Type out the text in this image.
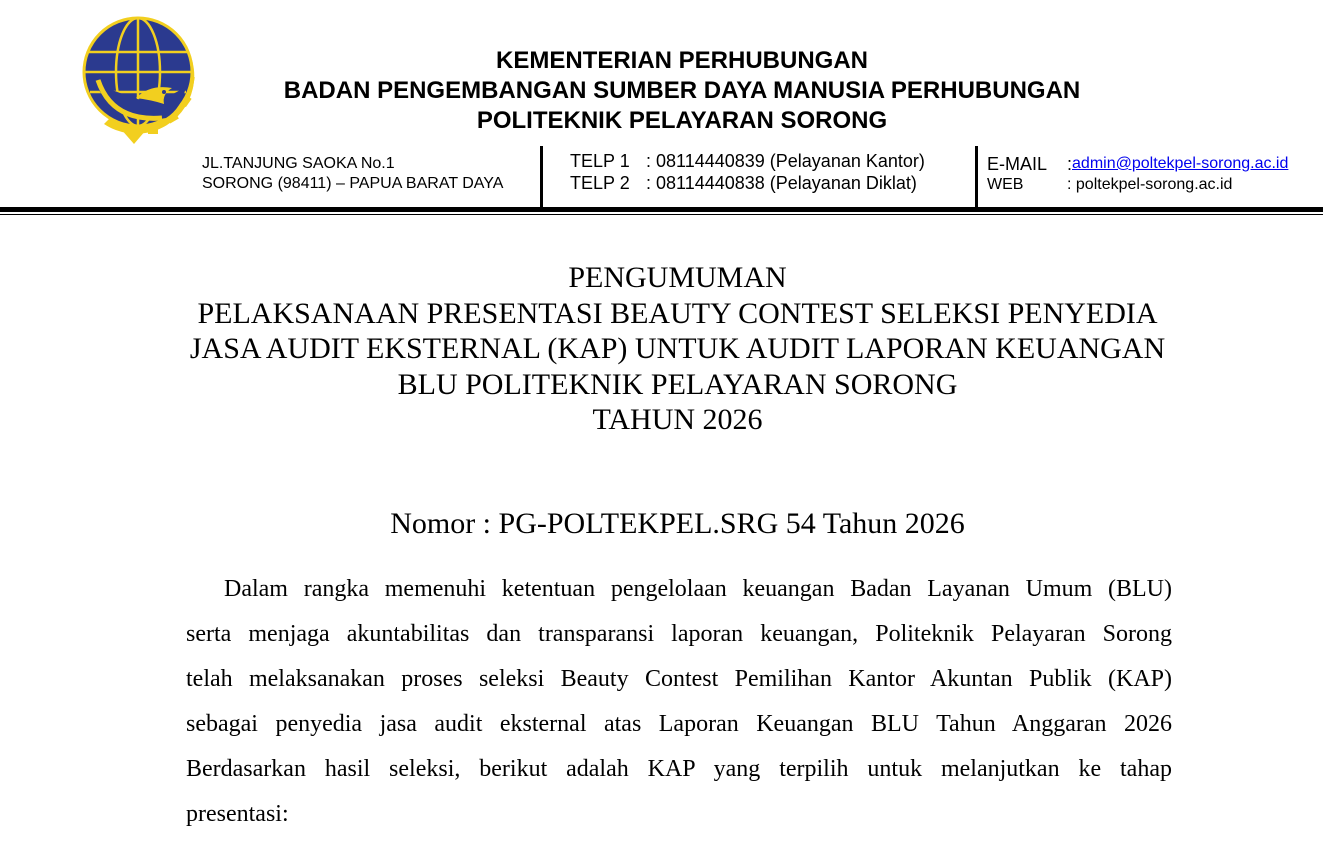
KEMENTERIAN PERHUBUNGAN
BADAN PENGEMBANGAN SUMBER DAYA MANUSIA PERHUBUNGAN
POLITEKNIK PELAYARAN SORONG
JL.TANJUNG SAOKA No.1
SORONG (98411) – PAPUA BARAT DAYA
TELP 1 : 08114440839 (Pelayanan Kantor)
TELP 2 : 08114440838 (Pelayanan Diklat)
E-MAIL	: admin@poltekpel-sorong.ac.id
WEB	: poltekpel-sorong.ac.id
PENGUMUMAN
PELAKSANAAN PRESENTASI BEAUTY CONTEST SELEKSI PENYEDIA
JASA AUDIT EKSTERNAL (KAP) UNTUK AUDIT LAPORAN KEUANGAN
BLU POLITEKNIK PELAYARAN SORONG
TAHUN 2026
Nomor : PG-POLTEKPEL.SRG 54 Tahun 2026
Dalam rangka memenuhi ketentuan pengelolaan keuangan Badan Layanan Umum (BLU)
serta menjaga akuntabilitas dan transparansi laporan keuangan, Politeknik Pelayaran Sorong
telah melaksanakan proses seleksi Beauty Contest Pemilihan Kantor Akuntan Publik (KAP)
sebagai penyedia jasa audit eksternal atas Laporan Keuangan BLU Tahun Anggaran 2026
Berdasarkan hasil seleksi, berikut adalah KAP yang terpilih untuk melanjutkan ke tahap
presentasi:
